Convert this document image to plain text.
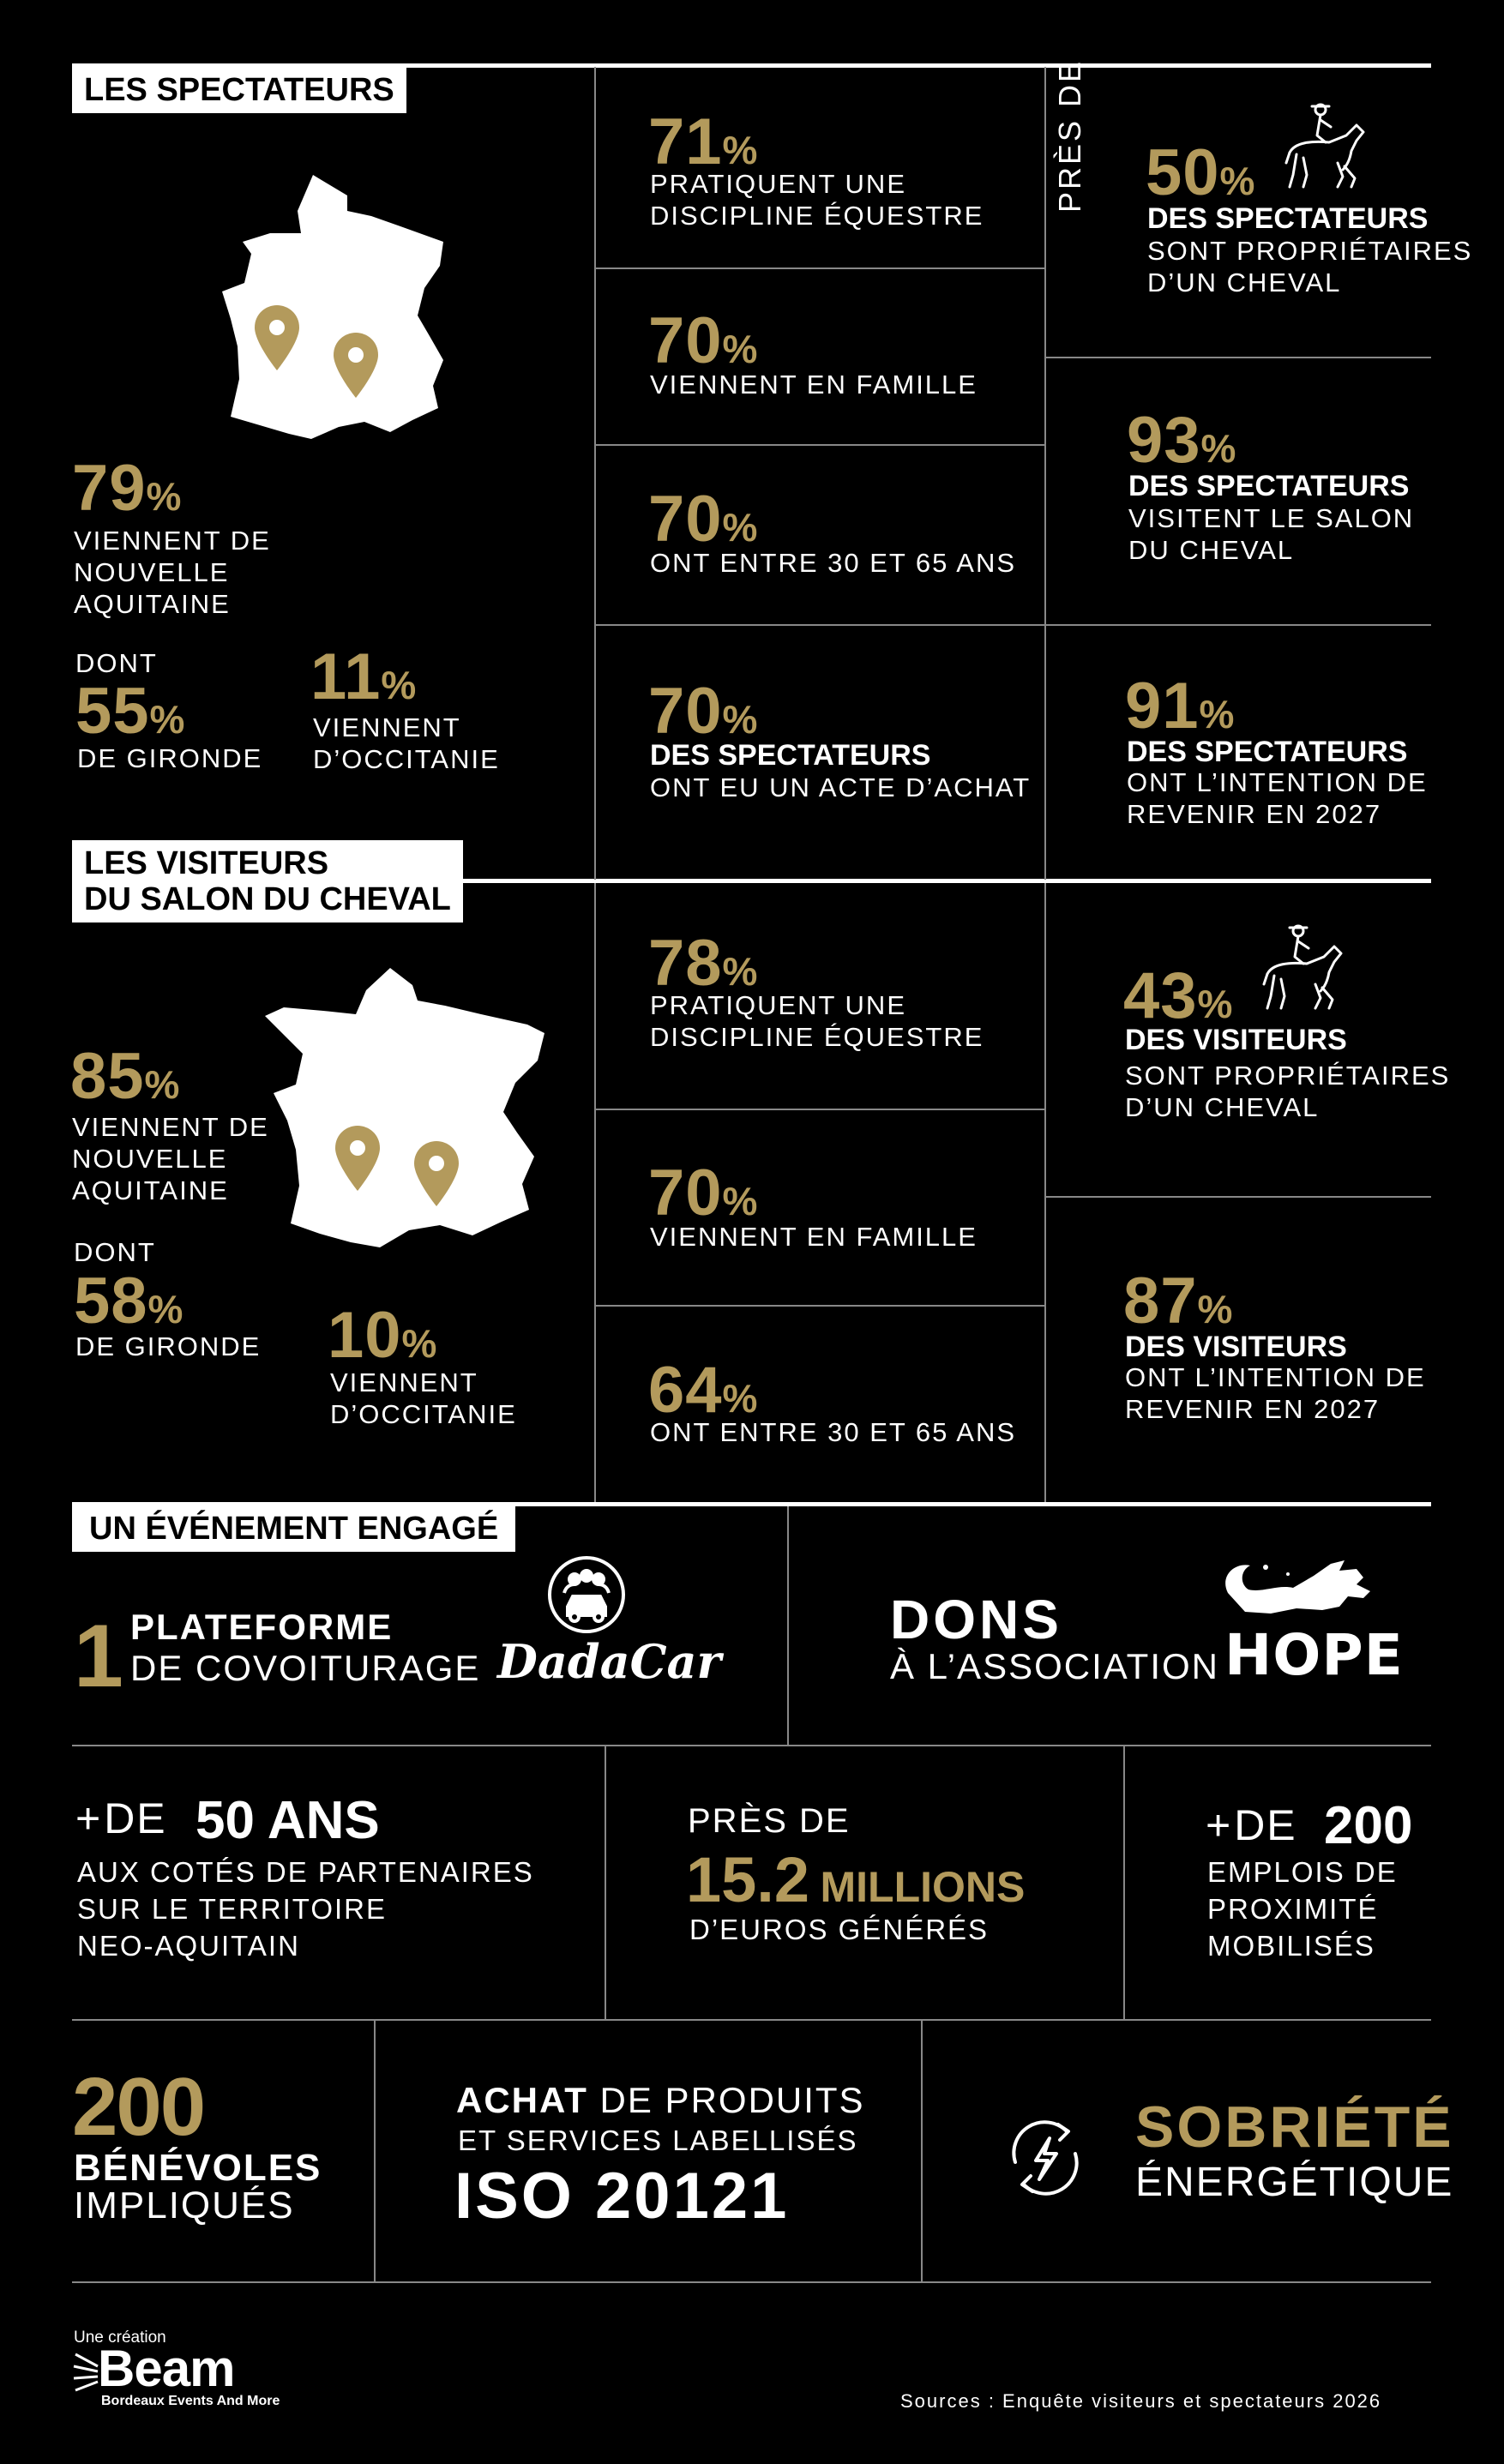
LES SPECTATEURS
79%
VIENNENT DE
NOUVELLE
AQUITAINE
DONT
55%
DE GIRONDE
11%
VIENNENT
D’OCCITANIE
71%
PRATIQUENT UNE
DISCIPLINE ÉQUESTRE
70%
VIENNENT EN FAMILLE
70%
ONT ENTRE 30 ET 65 ANS
70%
DES SPECTATEURS
ONT EU UN ACTE D’ACHAT
PRÈS DE 50%
DES SPECTATEURS
SONT PROPRIÉTAIRES
D’UN CHEVAL
93%
DES SPECTATEURS
VISITENT LE SALON
DU CHEVAL
91%
DES SPECTATEURS
ONT L’INTENTION DE
REVENIR EN 2027
LES VISITEURS
DU SALON DU CHEVAL
85%
VIENNENT DE
NOUVELLE
AQUITAINE
DONT
58%
DE GIRONDE 10%
VIENNENT
D’OCCITANIE
78%
PRATIQUENT UNE
DISCIPLINE ÉQUESTRE
70%
VIENNENT EN FAMILLE
64%
ONT ENTRE 30 ET 65 ANS
43%
DES VISITEURS
SONT PROPRIÉTAIRES
D’UN CHEVAL
87%
DES VISITEURS
ONT L’INTENTION DE
REVENIR EN 2027
UN ÉVÉNEMENT ENGAGÉ
1 PLATEFORME
DE COVOITURAGE DadaCar
DONS
À L’ASSOCIATION HOPE
+DE 50 ANS
AUX COTÉS DE PARTENAIRES
SUR LE TERRITOIRE
NEO-AQUITAIN
PRÈS DE
15.2 MILLIONS
D’EUROS GÉNÉRÉS
+DE 200
EMPLOIS DE
PROXIMITÉ
MOBILISÉS
200
BÉNÉVOLES
IMPLIQUÉS
ACHAT DE PRODUITS
ET SERVICES LABELLISÉS
ISO 20121
SOBRIÉTÉ
ÉNERGÉTIQUE
Une création
Beam
Bordeaux Events And More	Sources : Enquête visiteurs et spectateurs 2026
